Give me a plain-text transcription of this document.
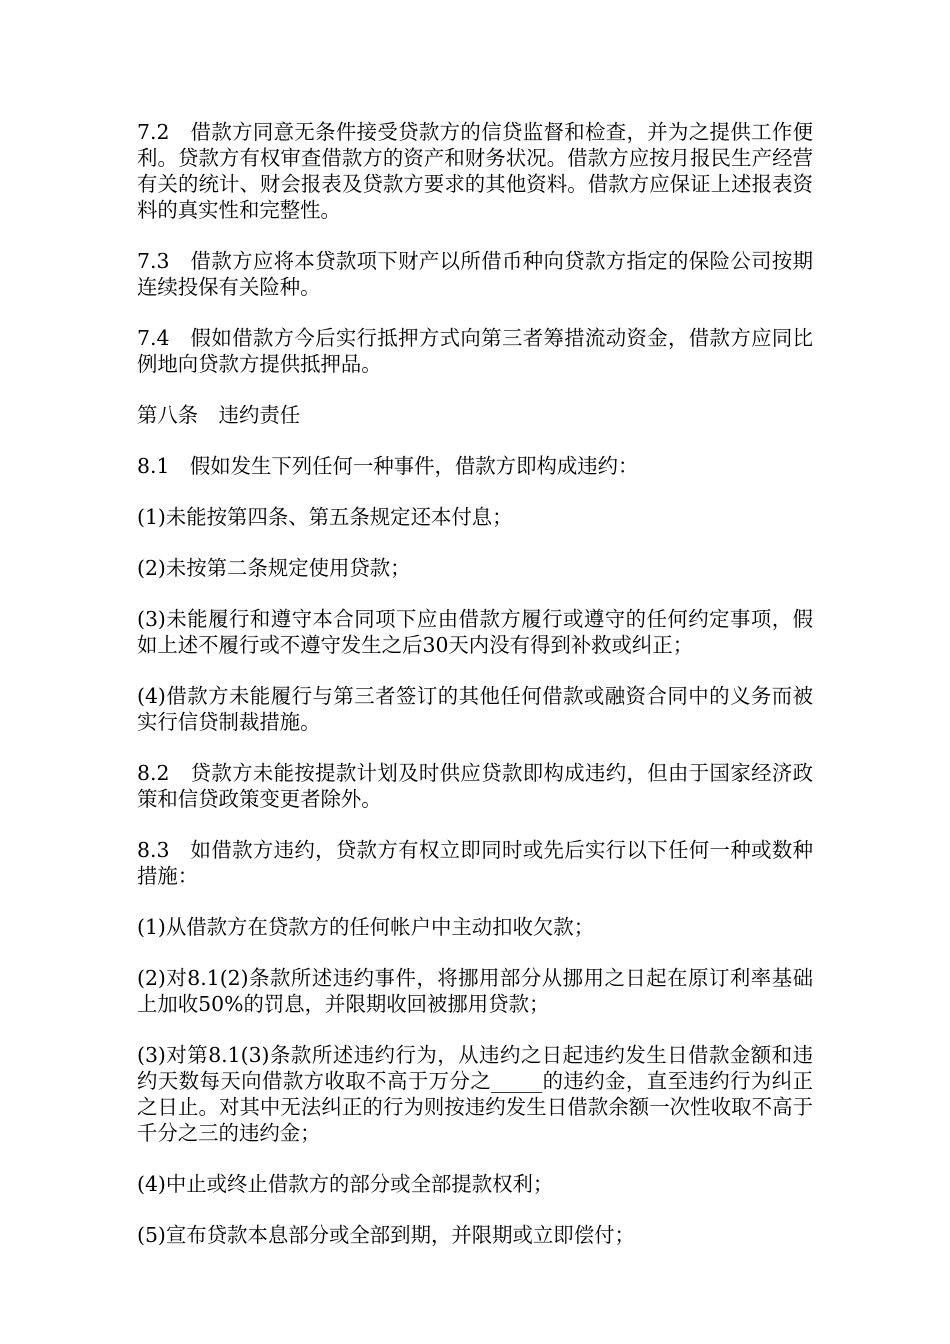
7.2　借款方同意无条件接受贷款方的信贷监督和检查，并为之提供工作便 利。贷款方有权审查借款方的资产和财务状况。借款方应按月报民生产经营有关的统计、财会报表及贷款方要求的其他资料。借款方应保证上述报表资料的真实性和完整性。

7.3　借款方应将本贷款项下财产以所借币种向贷款方指定的保险公司按期连续投保有关险种。

7.4　假如借款方今后实行抵押方式向第三者筹措流动资金，借款方应同比例地向贷款方提供抵押品。

第八条　违约责任

8.1　假如发生下列任何一种事件，借款方即构成违约：

(1)未能按第四条、第五条规定还本付息；

(2)未按第二条规定使用贷款；

(3)未能履行和遵守本合同项下应由借款方履行或遵守的任何约定事项，假如上述不履行或不遵守发生之后30天内没有得到补救或纠正；

(4)借款方未能履行与第三者签订的其他任何借款或融资合同中的义务而被实行信贷制裁措施。

8.2　贷款方未能按提款计划及时供应贷款即构成违约，但由于国家经济政策和信贷政策变更者除外。

8.3　如借款方违约，贷款方有权立即同时或先后实行以下任何一种或数种措施：

(1)从借款方在贷款方的任何帐户中主动扣收欠款；

(2)对8.1(2)条款所述违约事件，将挪用部分从挪用之日起在原订利率基础上加收50%的罚息，并限期收回被挪用贷款；

(3)对第8.1(3)条款所述违约行为，从违约之日起违约发生日借款金额和违约天数每天向借款方收取不高于万分之_____的违约金，直至违约行为纠正之日止。对其中无法纠正的行为则按违约发生日借款余额一次性收取不高于千分之三的违约金；

(4)中止或终止借款方的部分或全部提款权利；

(5)宣布贷款本息部分或全部到期，并限期或立即偿付；
